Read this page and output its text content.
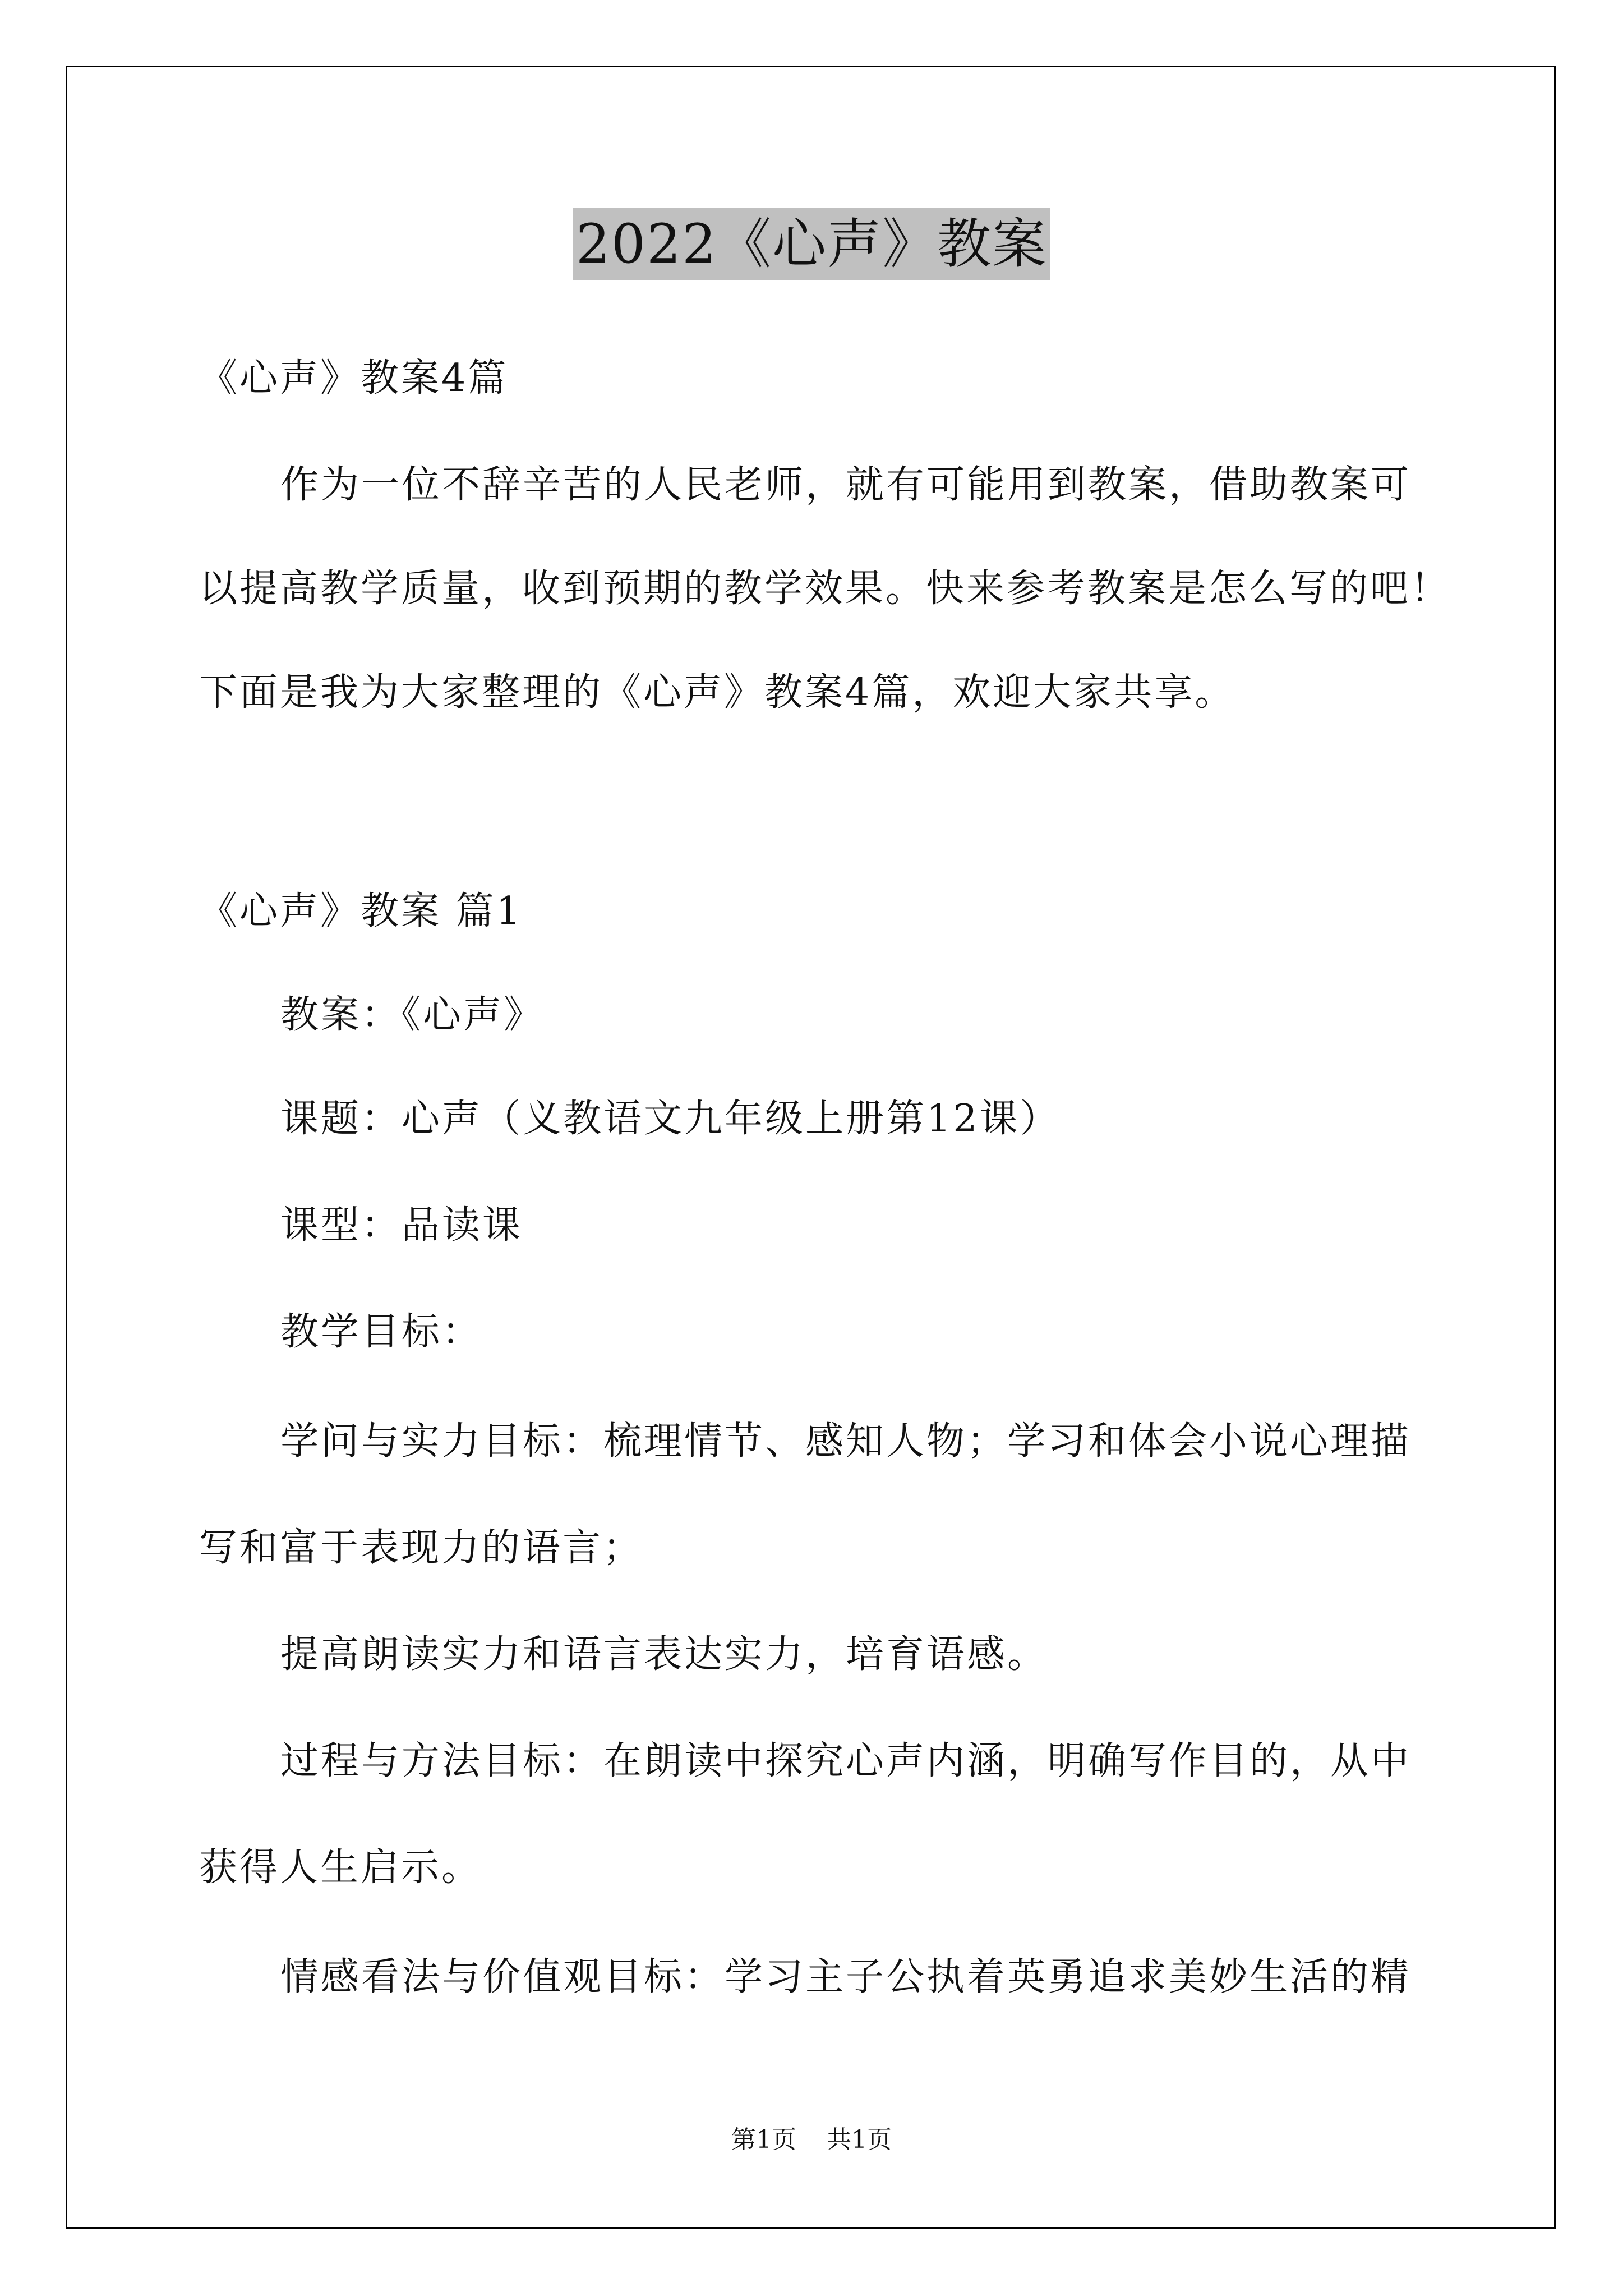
2022《心声》教案
《心声》教案4篇
作为一位不辞辛苦的人民老师，就有可能用到教案，借助教案可
以提高教学质量，收到预期的教学效果。快来参考教案是怎么写的吧！
下面是我为大家整理的《心声》教案4篇，欢迎大家共享。
《心声》教案 篇1
教案：《心声》
课题：心声（义教语文九年级上册第12课）
课型：品读课
教学目标：
学问与实力目标：梳理情节、感知人物；学习和体会小说心理描
写和富于表现力的语言；
提高朗读实力和语言表达实力，培育语感。
过程与方法目标：在朗读中探究心声内涵，明确写作目的，从中
获得人生启示。
情感看法与价值观目标：学习主子公执着英勇追求美妙生活的精
第1页 共1页
